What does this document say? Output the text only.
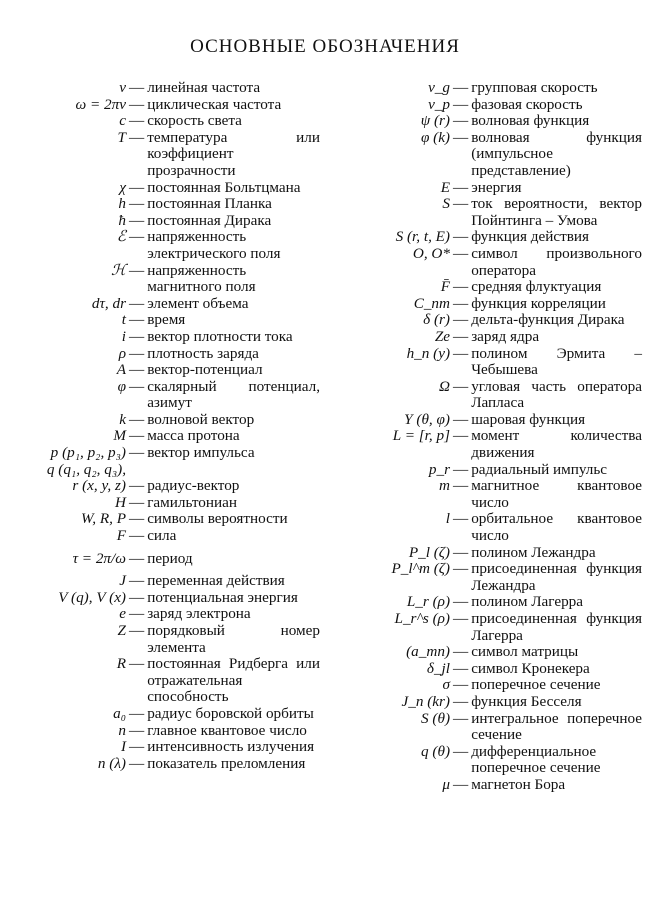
ОСНОВНЫЕ ОБОЗНАЧЕНИЯ
ν — линейная частота
ω = 2πν — циклическая частота
c — скорость света
T — температура или коэффициент прозрачности
χ — постоянная Больтцмана
h — постоянная Планка
ħ — постоянная Дирака
ℰ — напряженность электрического поля
ℋ — напряженность магнитного поля
dτ, dr — элемент объема
t — время
i — вектор плотности тока
ρ — плотность заряда
A — вектор-потенциал
φ — скалярный потенциал, азимут
k — волновой вектор
M — масса протона
p (p₁, p₂, p₃) — вектор импульса
q (q₁, q₂, q₃),
r (x, y, z) — радиус-вектор
H — гамильтониан
W, R, P — символы вероятности
F — сила
τ = 2π/ω — период
J — переменная действия
V (q), V (x) — потенциальная энергия
e — заряд электрона
Z — порядковый номер элемента
R — постоянная Ридберга или отражательная способность
a₀ — радиус боровской орбиты
n — главное квантовое число
I — интенсивность излучения
n (λ) — показатель преломления
v_g — групповая скорость
v_p — фазовая скорость
ψ (r) — волновая функция
φ (k) — волновая функция (импульсное представление)
E — энергия
S — ток вероятности, вектор Пойнтинга – Умова
S (r, t, E) — функция действия
O, O* — символ произвольного оператора
F̄ — средняя флуктуация
C_nm — функция корреляции
δ (r) — дельта-функция Дирака
Ze — заряд ядра
h_n (y) — полином Эрмита – Чебышева
Ω — угловая часть оператора Лапласа
Y (θ, φ) — шаровая функция
L = [r, p] — момент количества движения
p_r — радиальный импульс
m — магнитное квантовое число
l — орбитальное квантовое число
P_l (ζ) — полином Лежандра
P_l^m (ζ) — присоединенная функция Лежандра
L_r (ρ) — полином Лагерра
L_r^s (ρ) — присоединенная функция Лагерра
(a_mn) — символ матрицы
δ_jl — символ Кронекера
σ — поперечное сечение
J_n (kr) — функция Бесселя
S (θ) — интегральное поперечное сечение
q (θ) — дифференциальное поперечное сечение
μ — магнетон Бора
